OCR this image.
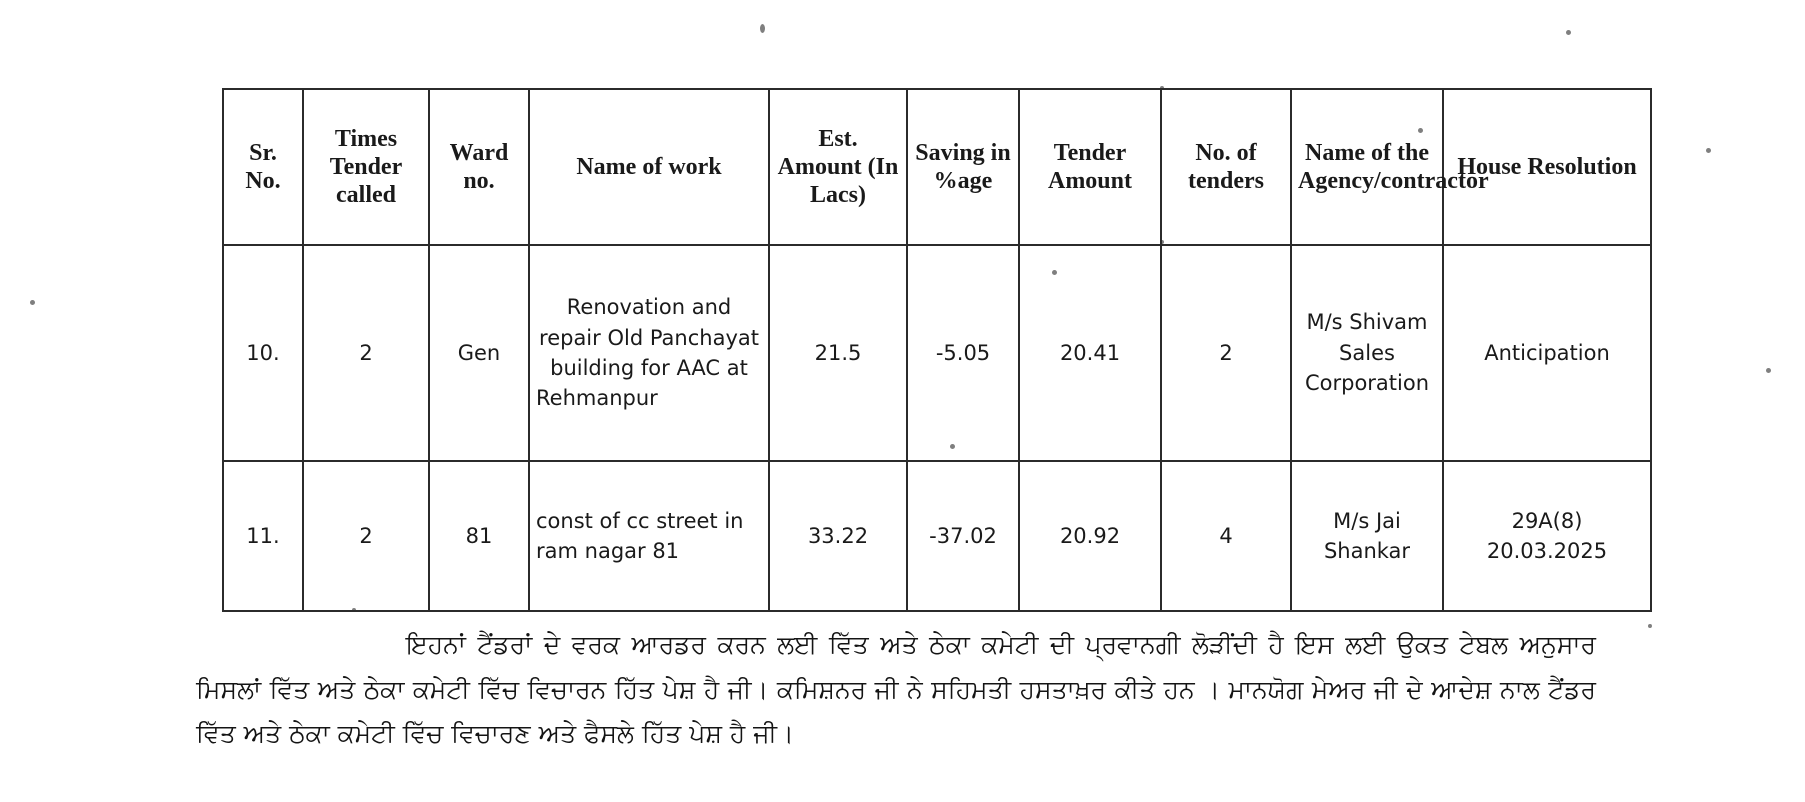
Sr. No.	Times Tender called	Ward no.	Name of work	Est. Amount (In Lacs)	Saving in %age	Tender Amount	No. of tenders	Name of the Agency/contractor	House Resolution
10.	2	Gen	Renovation and repair Old Panchayat building for AAC at Rehmanpur	21.5	-5.05	20.41	2	M/s Shivam Sales Corporation	Anticipation
11.	2	81	const of cc street in ram nagar 81	33.22	-37.02	20.92	4	M/s Jai Shankar	29A(8) 20.03.2025

ਇਹਨਾਂ ਟੈਂਡਰਾਂ ਦੇ ਵਰਕ ਆਰਡਰ ਕਰਨ ਲਈ ਵਿੱਤ ਅਤੇ ਠੇਕਾ ਕਮੇਟੀ ਦੀ ਪ੍ਰਵਾਨਗੀ ਲੋੜੀਂਦੀ ਹੈ ਇਸ ਲਈ ਉਕਤ ਟੇਬਲ ਅਨੁਸਾਰ ਮਿਸਲਾਂ ਵਿੱਤ ਅਤੇ ਠੇਕਾ ਕਮੇਟੀ ਵਿੱਚ ਵਿਚਾਰਨ ਹਿੱਤ ਪੇਸ਼ ਹੈ ਜੀ। ਕਮਿਸ਼ਨਰ ਜੀ ਨੇ ਸਹਿਮਤੀ ਹਸਤਾਖ਼ਰ ਕੀਤੇ ਹਨ । ਮਾਨਯੋਗ ਮੇਅਰ ਜੀ ਦੇ ਆਦੇਸ਼ ਨਾਲ ਟੈਂਡਰ ਵਿੱਤ ਅਤੇ ਠੇਕਾ ਕਮੇਟੀ ਵਿੱਚ ਵਿਚਾਰਣ ਅਤੇ ਫੈਸਲੇ ਹਿੱਤ ਪੇਸ਼ ਹੈ ਜੀ।
